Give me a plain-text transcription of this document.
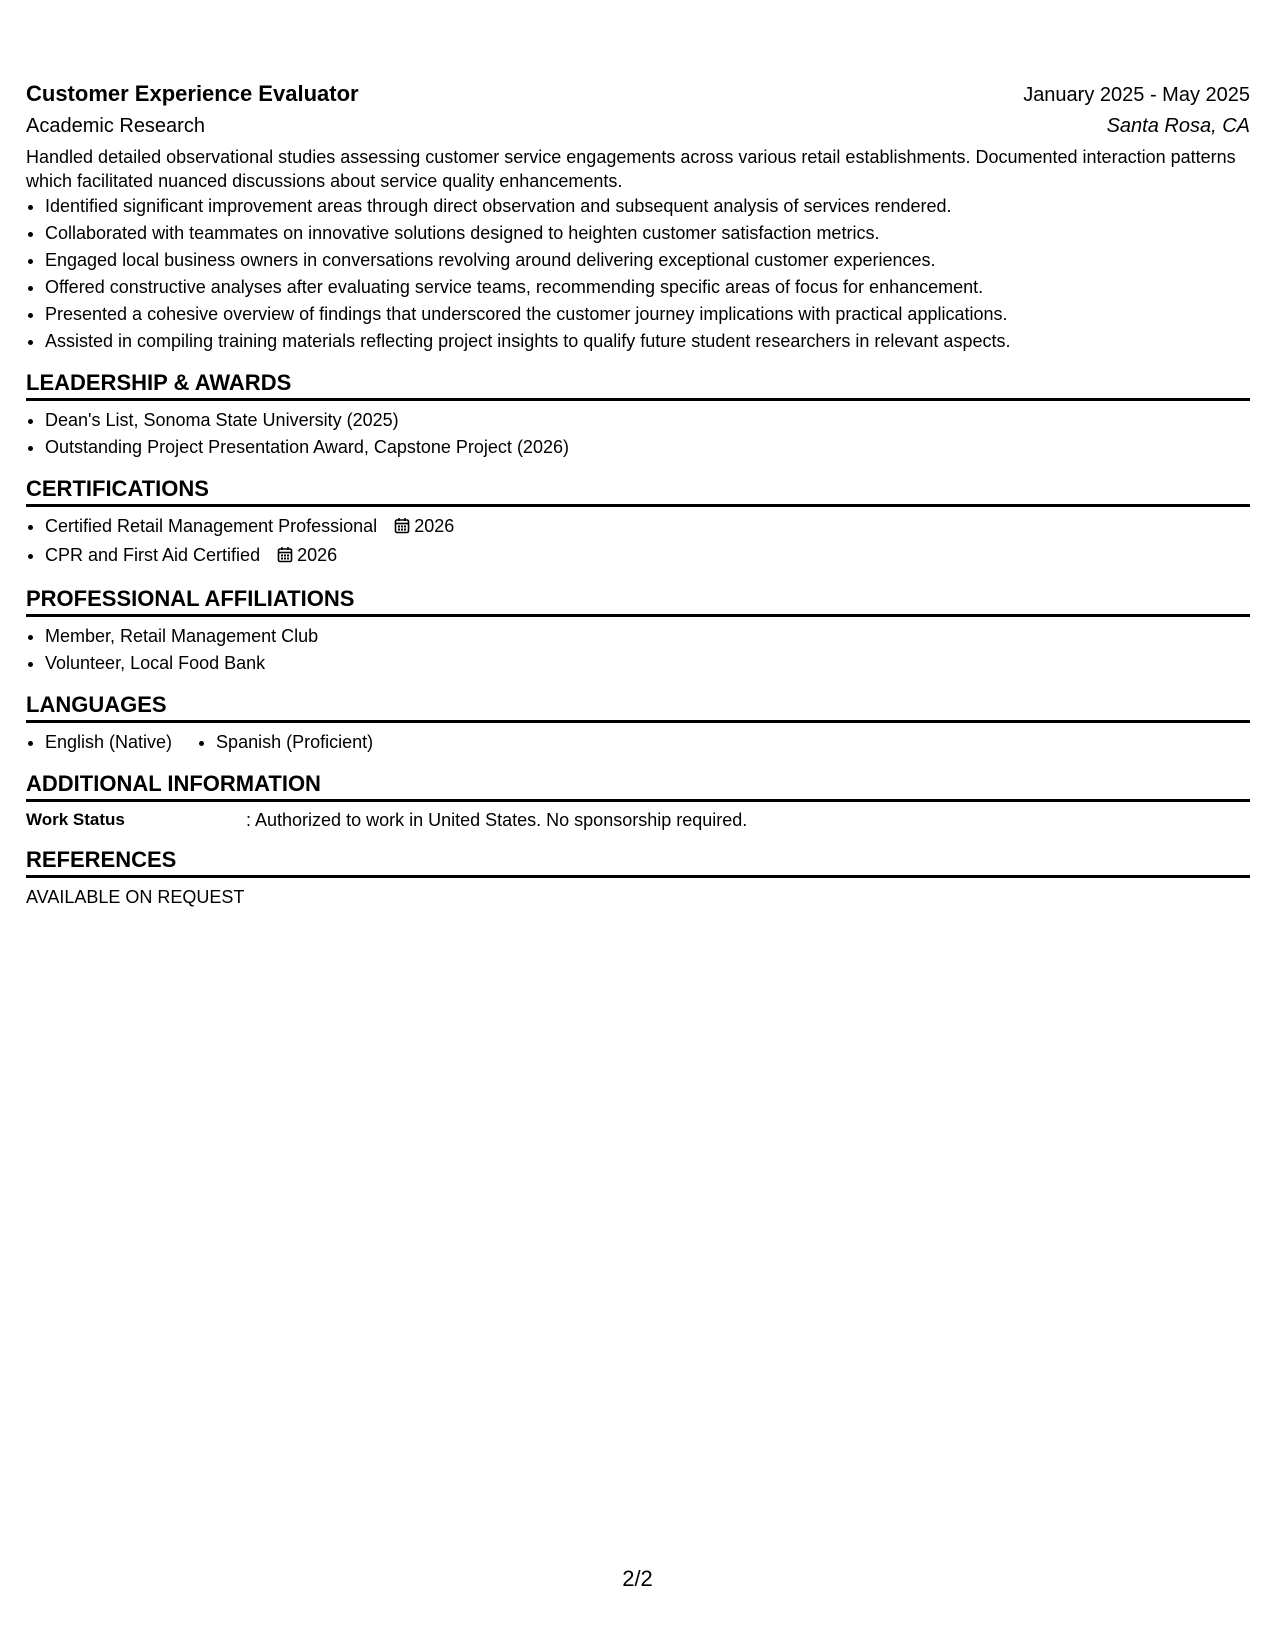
Customer Experience Evaluator	January 2025 - May 2025
Academic Research	Santa Rosa, CA
Handled detailed observational studies assessing customer service engagements across various retail establishments. Documented interaction patterns which facilitated nuanced discussions about service quality enhancements.
• Identified significant improvement areas through direct observation and subsequent analysis of services rendered.
• Collaborated with teammates on innovative solutions designed to heighten customer satisfaction metrics.
• Engaged local business owners in conversations revolving around delivering exceptional customer experiences.
• Offered constructive analyses after evaluating service teams, recommending specific areas of focus for enhancement.
• Presented a cohesive overview of findings that underscored the customer journey implications with practical applications.
• Assisted in compiling training materials reflecting project insights to qualify future student researchers in relevant aspects.
LEADERSHIP & AWARDS
• Dean's List, Sonoma State University (2025)
• Outstanding Project Presentation Award, Capstone Project (2026)
CERTIFICATIONS
• Certified Retail Management Professional 2026
• CPR and First Aid Certified 2026
PROFESSIONAL AFFILIATIONS
• Member, Retail Management Club
• Volunteer, Local Food Bank
LANGUAGES
• English (Native)
• Spanish (Proficient)
ADDITIONAL INFORMATION
Work Status	: Authorized to work in United States. No sponsorship required.
REFERENCES
AVAILABLE ON REQUEST
2/2
